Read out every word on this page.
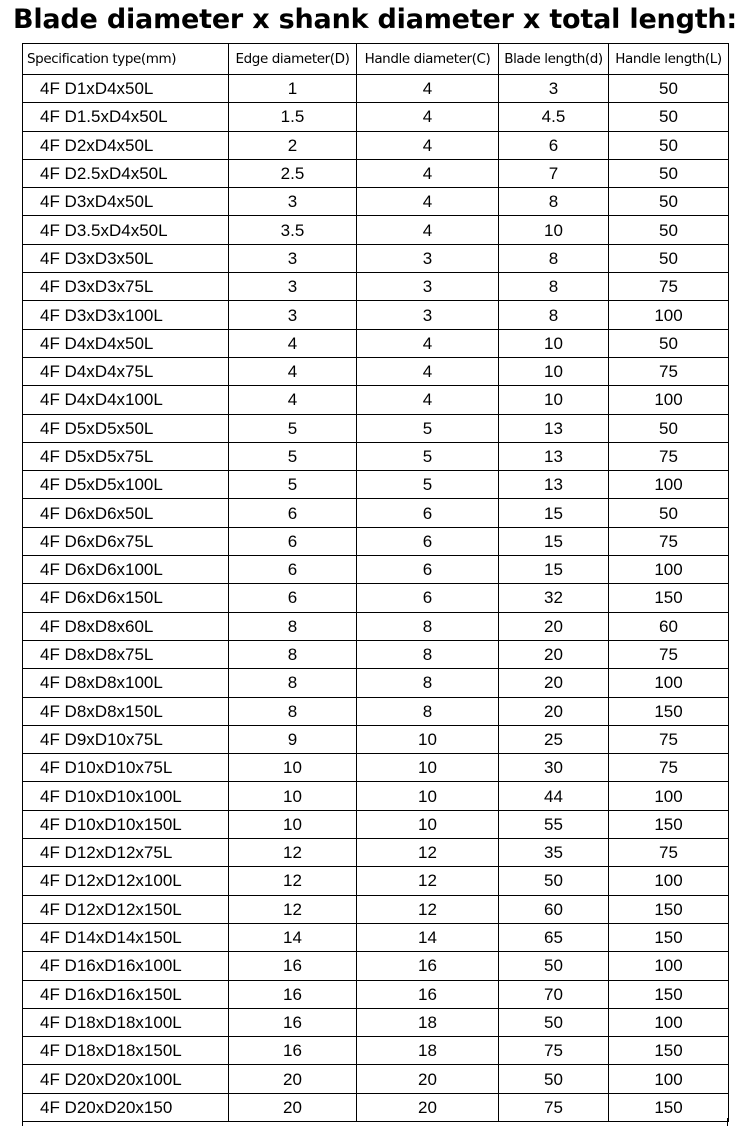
Blade diameter x shank diameter x total length:
Specification type(mm)	Edge diameter(D)	Handle diameter(C)	Blade length(d)	Handle length(L)
4F D1xD4x50L	1	4	3	50
4F D1.5xD4x50L	1.5	4	4.5	50
4F D2xD4x50L	2	4	6	50
4F D2.5xD4x50L	2.5	4	7	50
4F D3xD4x50L	3	4	8	50
4F D3.5xD4x50L	3.5	4	10	50
4F D3xD3x50L	3	3	8	50
4F D3xD3x75L	3	3	8	75
4F D3xD3x100L	3	3	8	100
4F D4xD4x50L	4	4	10	50
4F D4xD4x75L	4	4	10	75
4F D4xD4x100L	4	4	10	100
4F D5xD5x50L	5	5	13	50
4F D5xD5x75L	5	5	13	75
4F D5xD5x100L	5	5	13	100
4F D6xD6x50L	6	6	15	50
4F D6xD6x75L	6	6	15	75
4F D6xD6x100L	6	6	15	100
4F D6xD6x150L	6	6	32	150
4F D8xD8x60L	8	8	20	60
4F D8xD8x75L	8	8	20	75
4F D8xD8x100L	8	8	20	100
4F D8xD8x150L	8	8	20	150
4F D9xD10x75L	9	10	25	75
4F D10xD10x75L	10	10	30	75
4F D10xD10x100L	10	10	44	100
4F D10xD10x150L	10	10	55	150
4F D12xD12x75L	12	12	35	75
4F D12xD12x100L	12	12	50	100
4F D12xD12x150L	12	12	60	150
4F D14xD14x150L	14	14	65	150
4F D16xD16x100L	16	16	50	100
4F D16xD16x150L	16	16	70	150
4F D18xD18x100L	16	18	50	100
4F D18xD18x150L	16	18	75	150
4F D20xD20x100L	20	20	50	100
4F D20xD20x150	20	20	75	150
